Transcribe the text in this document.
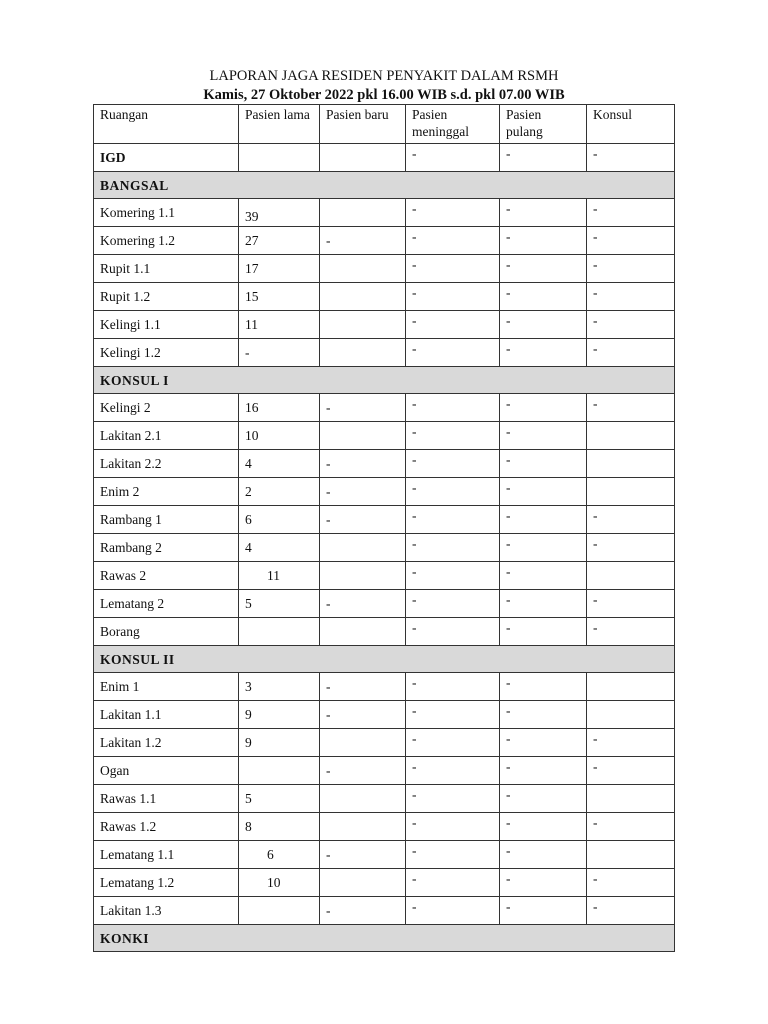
LAPORAN JAGA RESIDEN PENYAKIT DALAM RSMH
Kamis, 27 Oktober 2022 pkl 16.00 WIB s.d. pkl 07.00 WIB
Ruangan	Pasien lama	Pasien baru	Pasien meninggal	Pasien pulang	Konsul
IGD			-	-	-
BANGSAL					
Komering 1.1	39		-	-	-
Komering 1.2	27	-	-	-	-
Rupit 1.1	17		-	-	-
Rupit 1.2	15		-	-	-
Kelingi 1.1	11		-	-	-
Kelingi 1.2	-		-	-	-
KONSUL I					
Kelingi 2	16	-	-	-	-
Lakitan 2.1	10		-	-	
Lakitan 2.2	4	-	-	-	
Enim 2	2	-	-	-	
Rambang 1	6	-	-	-	-
Rambang 2	4		-	-	-
Rawas 2	11		-	-	
Lematang 2	5	-	-	-	-
Borang			-	-	-
KONSUL II					
Enim 1	3	-	-	-	
Lakitan 1.1	9	-	-	-	
Lakitan 1.2	9		-	-	-
Ogan		-	-	-	-
Rawas 1.1	5		-	-	
Rawas 1.2	8		-	-	-
Lematang 1.1	6	-	-	-	
Lematang 1.2	10		-	-	-
Lakitan 1.3		-	-	-	-
KONKI					
